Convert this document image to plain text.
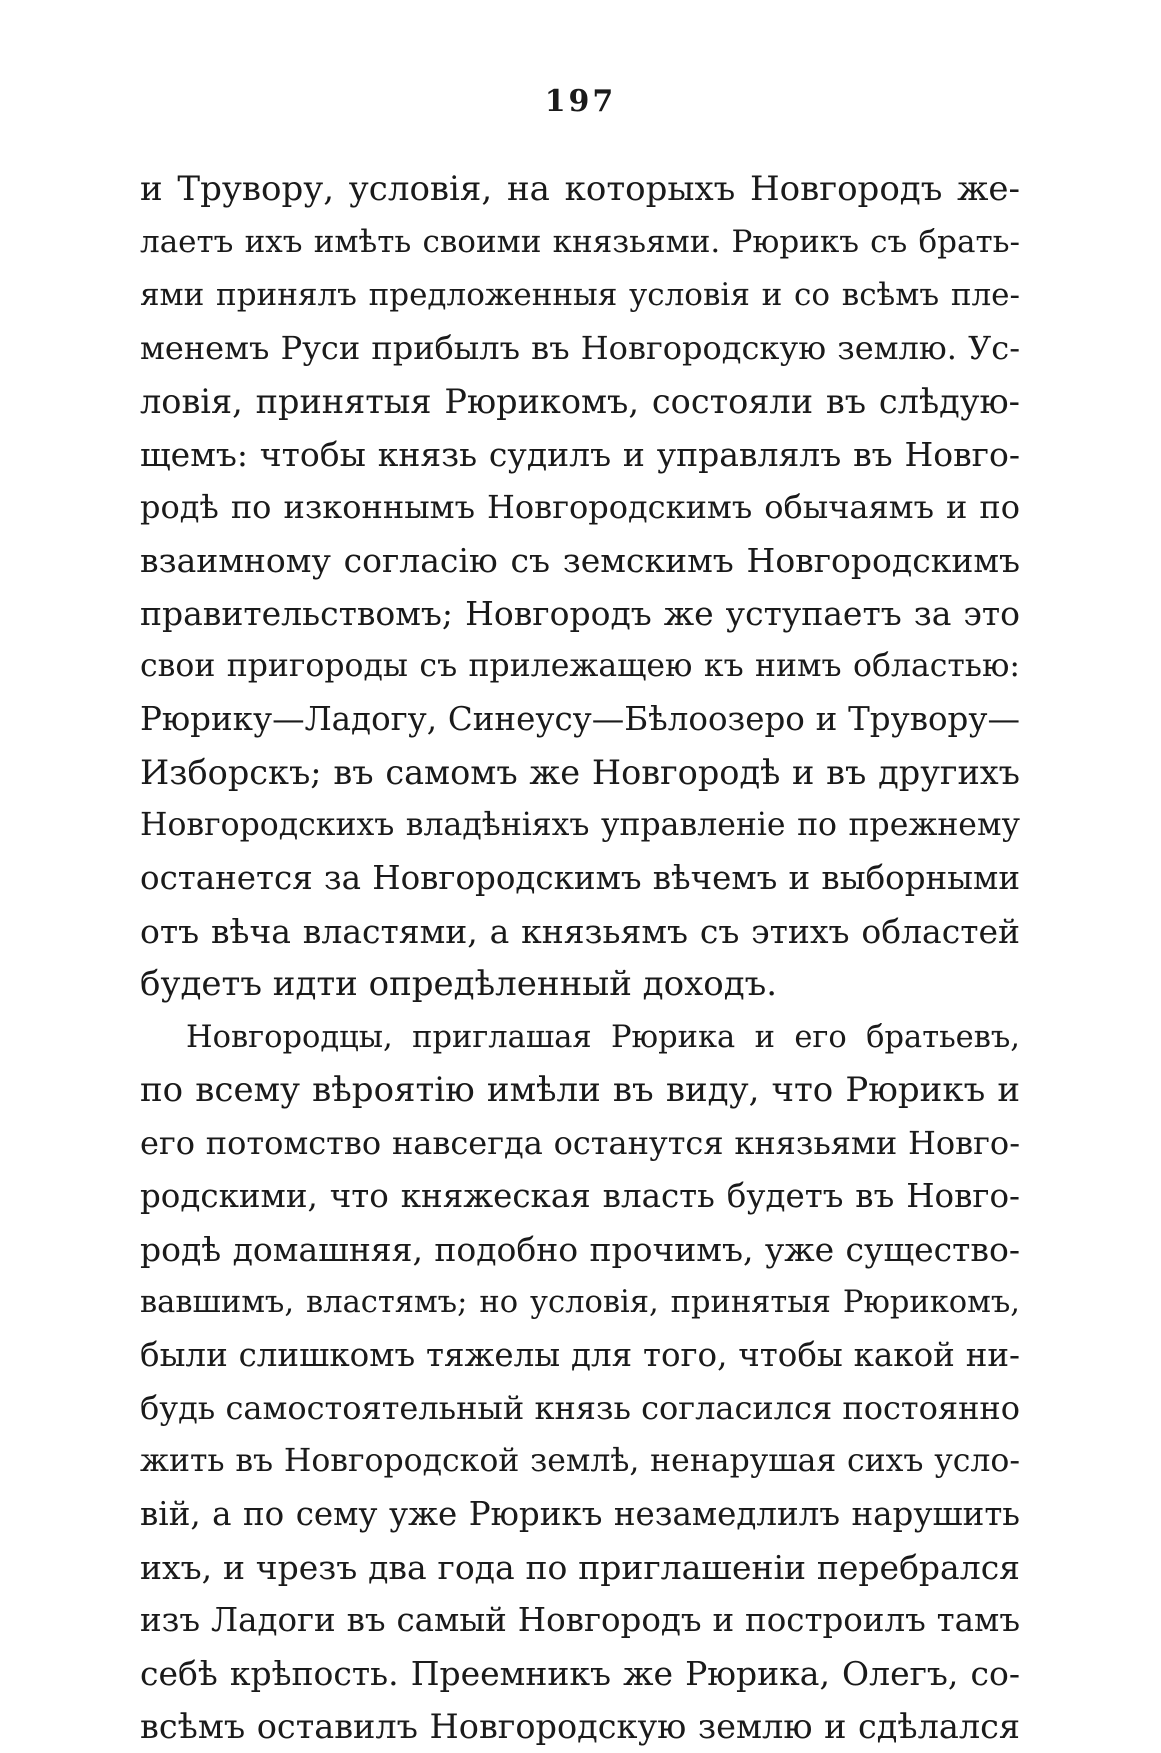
197
и Трувору, условія, на которыхъ Новгородъ же-
лаетъ ихъ имѣть своими князьями. Рюрикъ съ брать-
ями принялъ предложенныя условія и со всѣмъ пле-
менемъ Руси прибылъ въ Новгородскую землю. Ус-
ловія, принятыя Рюрикомъ, состояли въ слѣдую-
щемъ: чтобы князь судилъ и управлялъ въ Новго-
родѣ по изконнымъ Новгородскимъ обычаямъ и по
взаимному согласію съ земскимъ Новгородскимъ
правительствомъ; Новгородъ же уступаетъ за это
свои пригороды съ прилежащею къ нимъ областью:
Рюрику—Ладогу, Синеусу—Бѣлоозеро и Трувору—
Изборскъ; въ самомъ же Новгородѣ и въ другихъ
Новгородскихъ владѣніяхъ управленіе по прежнему
останется за Новгородскимъ вѣчемъ и выборными
отъ вѣча властями, а князьямъ съ этихъ областей
будетъ идти опредѣленный доходъ.
Новгородцы, приглашая Рюрика и его братьевъ,
по всему вѣроятію имѣли въ виду, что Рюрикъ и
его потомство навсегда останутся князьями Новго-
родскими, что княжеская власть будетъ въ Новго-
родѣ домашняя, подобно прочимъ, уже существо-
вавшимъ, властямъ; но условія, принятыя Рюрикомъ,
были слишкомъ тяжелы для того, чтобы какой ни-
будь самостоятельный князь согласился постоянно
жить въ Новгородской землѣ, ненарушая сихъ усло-
вій, а по сему уже Рюрикъ незамедлилъ нарушить
ихъ, и чрезъ два года по приглашеніи перебрался
изъ Ладоги въ самый Новгородъ и построилъ тамъ
себѣ крѣпость. Преемникъ же Рюрика, Олегъ, со-
всѣмъ оставилъ Новгородскую землю и сдѣлался
